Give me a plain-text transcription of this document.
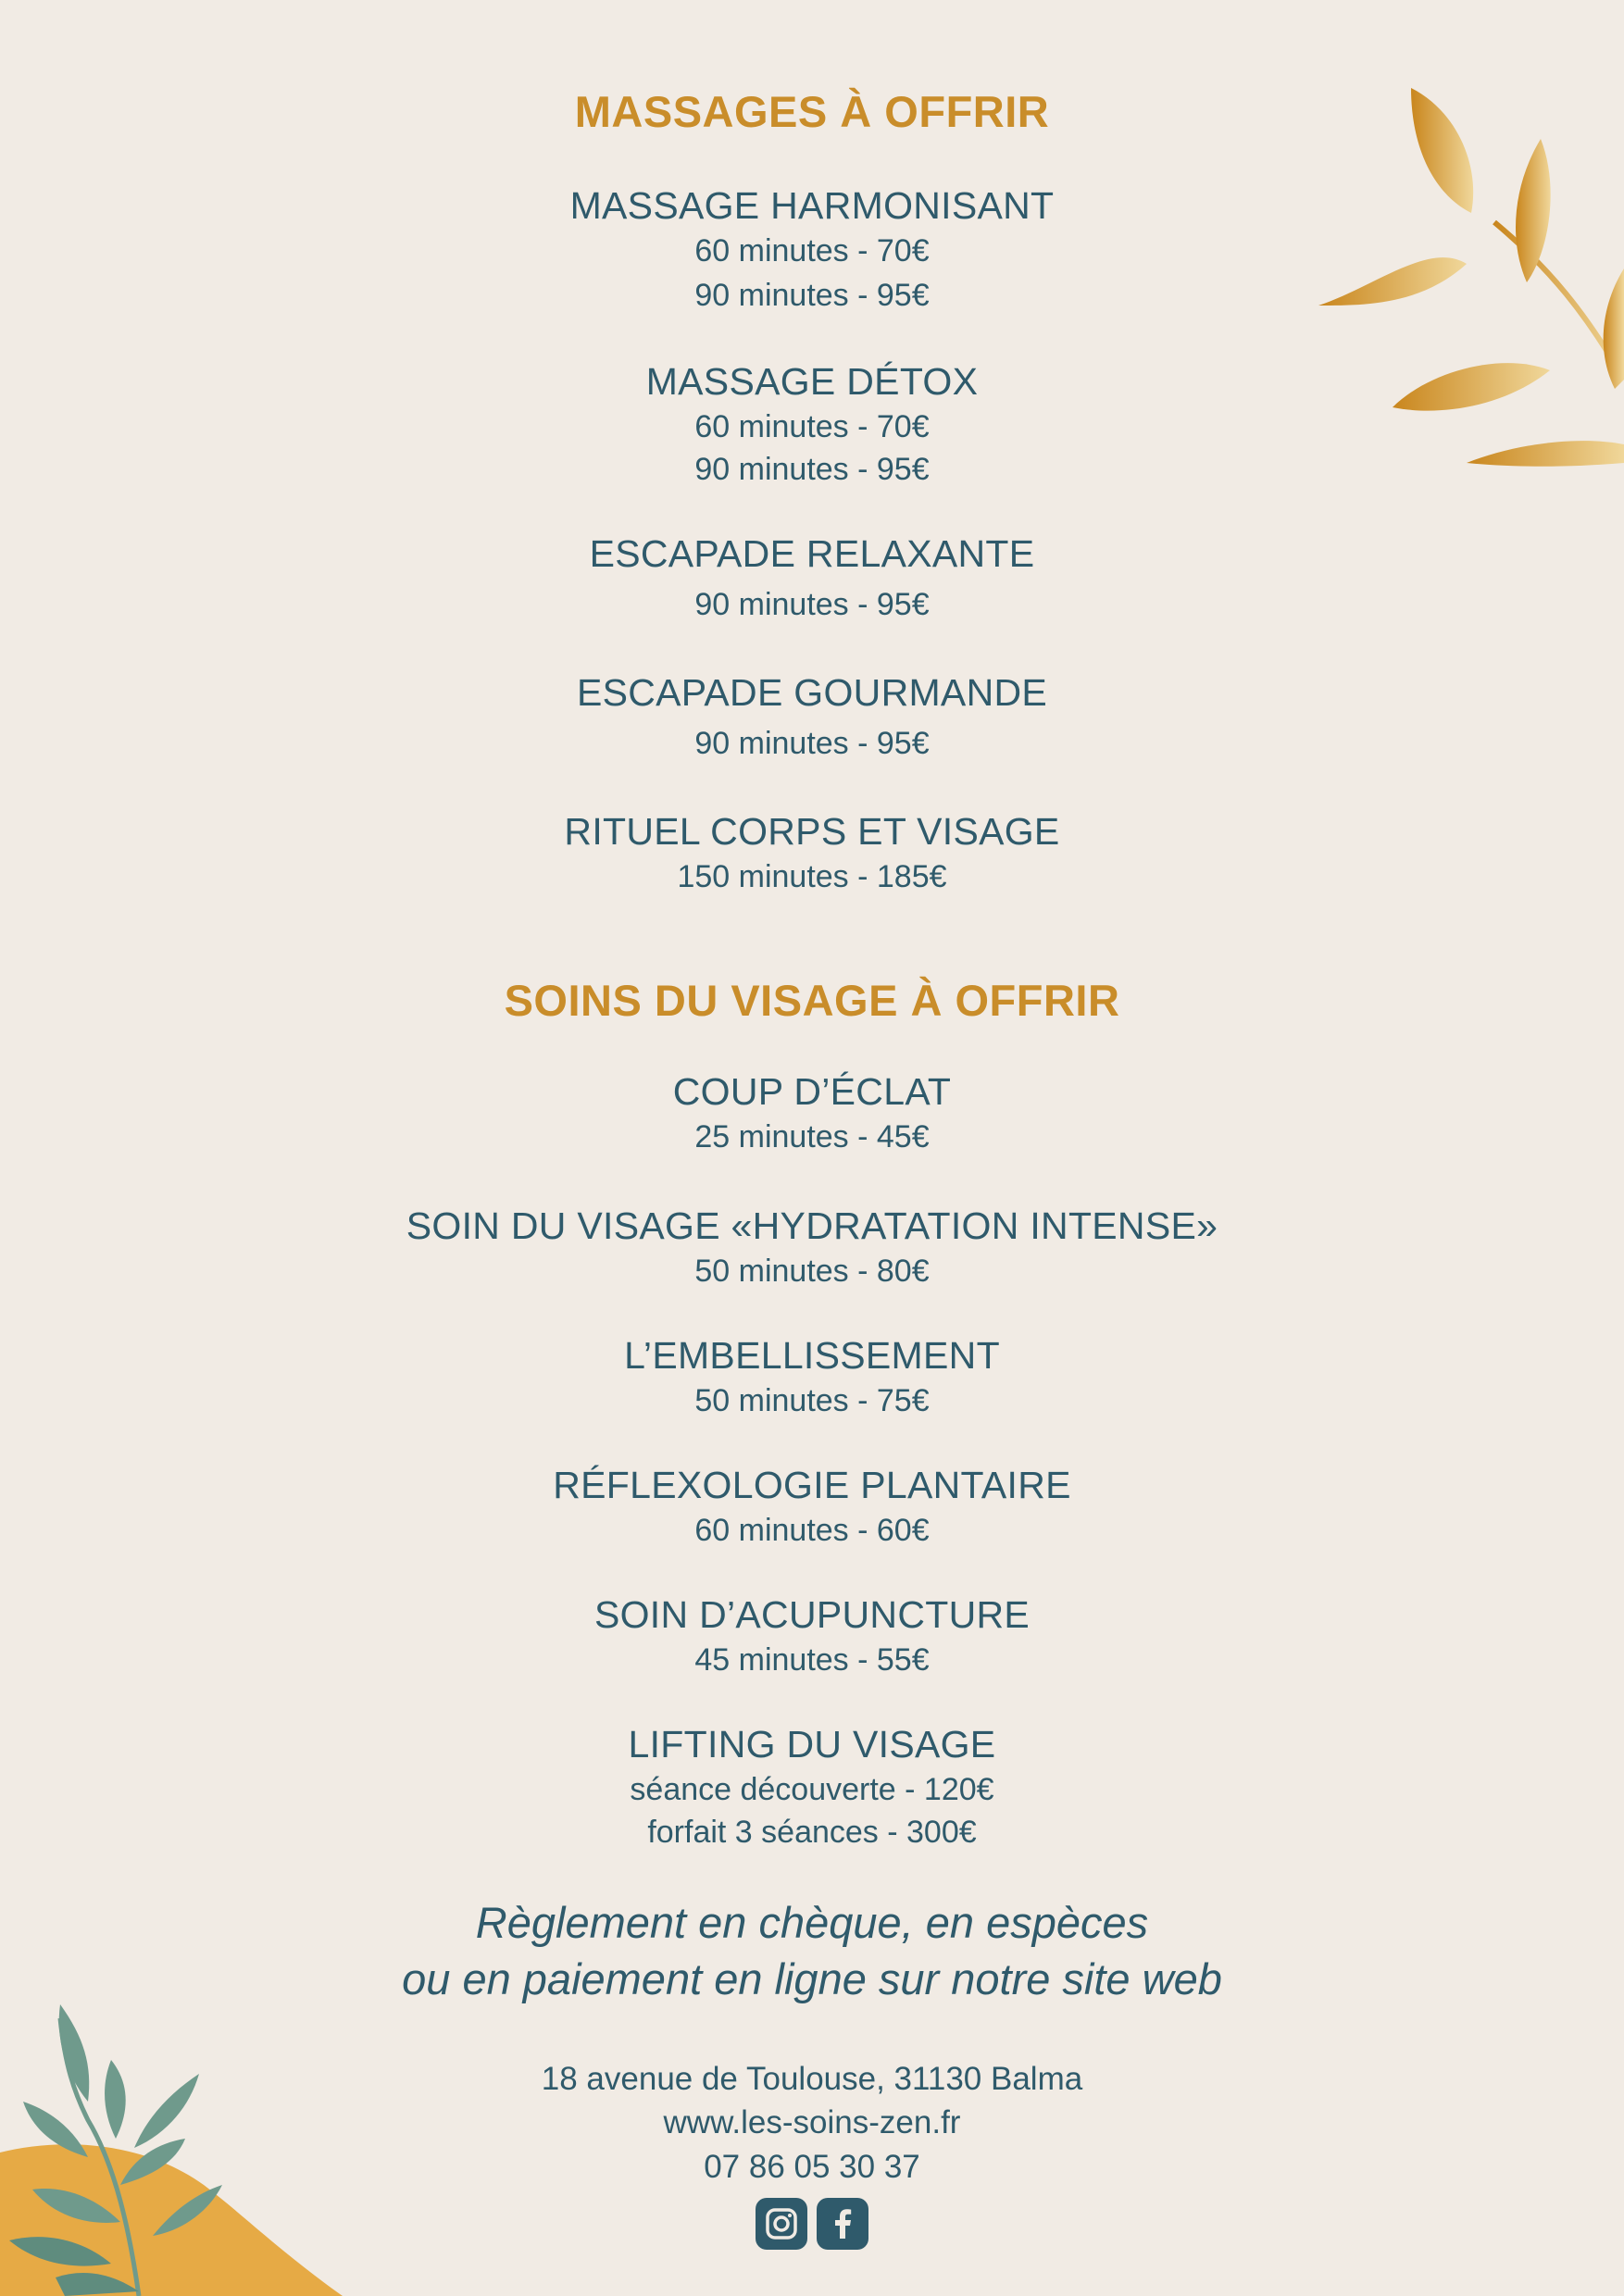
MASSAGES À OFFRIR

MASSAGE HARMONISANT

60 minutes - 70€

90 minutes - 95€

MASSAGE DÉTOX

60 minutes - 70€

90 minutes - 95€

ESCAPADE RELAXANTE

90 minutes - 95€

ESCAPADE GOURMANDE

90 minutes - 95€

RITUEL CORPS ET VISAGE

150 minutes - 185€

SOINS DU VISAGE À OFFRIR

COUP D’ÉCLAT

25 minutes - 45€

SOIN DU VISAGE «HYDRATATION INTENSE»

50 minutes - 80€

L’EMBELLISSEMENT

50 minutes - 75€

RÉFLEXOLOGIE PLANTAIRE

60 minutes - 60€

SOIN D’ACUPUNCTURE

45 minutes - 55€

LIFTING DU VISAGE

séance découverte - 120€

forfait 3 séances - 300€

Règlement en chèque, en espèces

ou en paiement en ligne sur notre site web

18 avenue de Toulouse, 31130 Balma

www.les-soins-zen.fr

07 86 05 30 37
